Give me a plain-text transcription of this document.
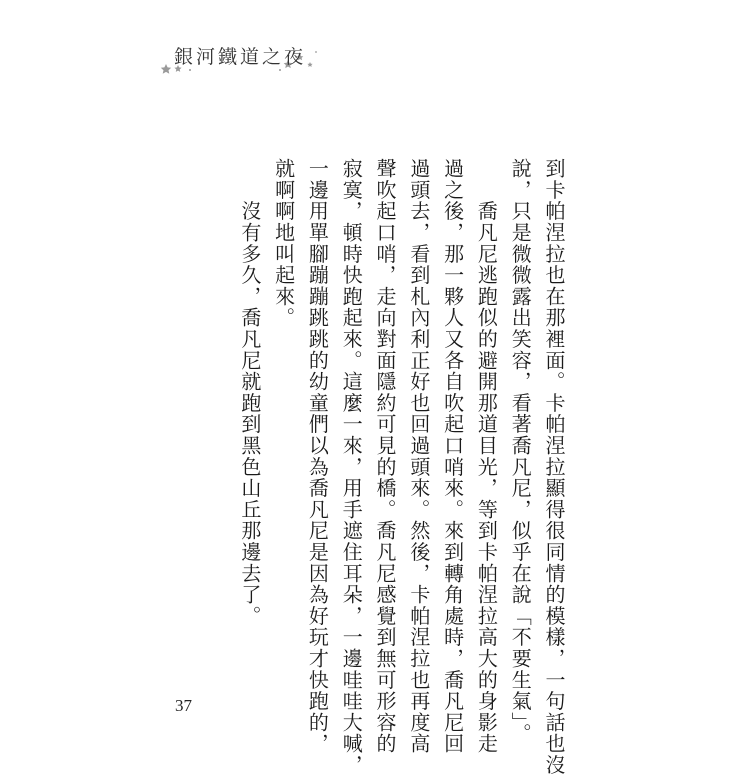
銀河鐵道之夜

到卡帕涅拉也在那裡面。卡帕涅拉顯得很同情的模樣，一句話也沒

說，只是微微露出笑容，看著喬凡尼，似乎在說「不要生氣」。

　　喬凡尼逃跑似的避開那道目光，等到卡帕涅拉高大的身影走

過之後，那一夥人又各自吹起口哨來。來到轉角處時，喬凡尼回

過頭去，看到札內利正好也回過頭來。然後，卡帕涅拉也再度高

聲吹起口哨，走向對面隱約可見的橋。喬凡尼感覺到無可形容的

寂寞，頓時快跑起來。這麼一來，用手遮住耳朵，一邊哇哇大喊，

一邊用單腳蹦蹦跳跳的幼童們以為喬凡尼是因為好玩才快跑的，

就啊啊地叫起來。

　　沒有多久，喬凡尼就跑到黑色山丘那邊去了。

37
